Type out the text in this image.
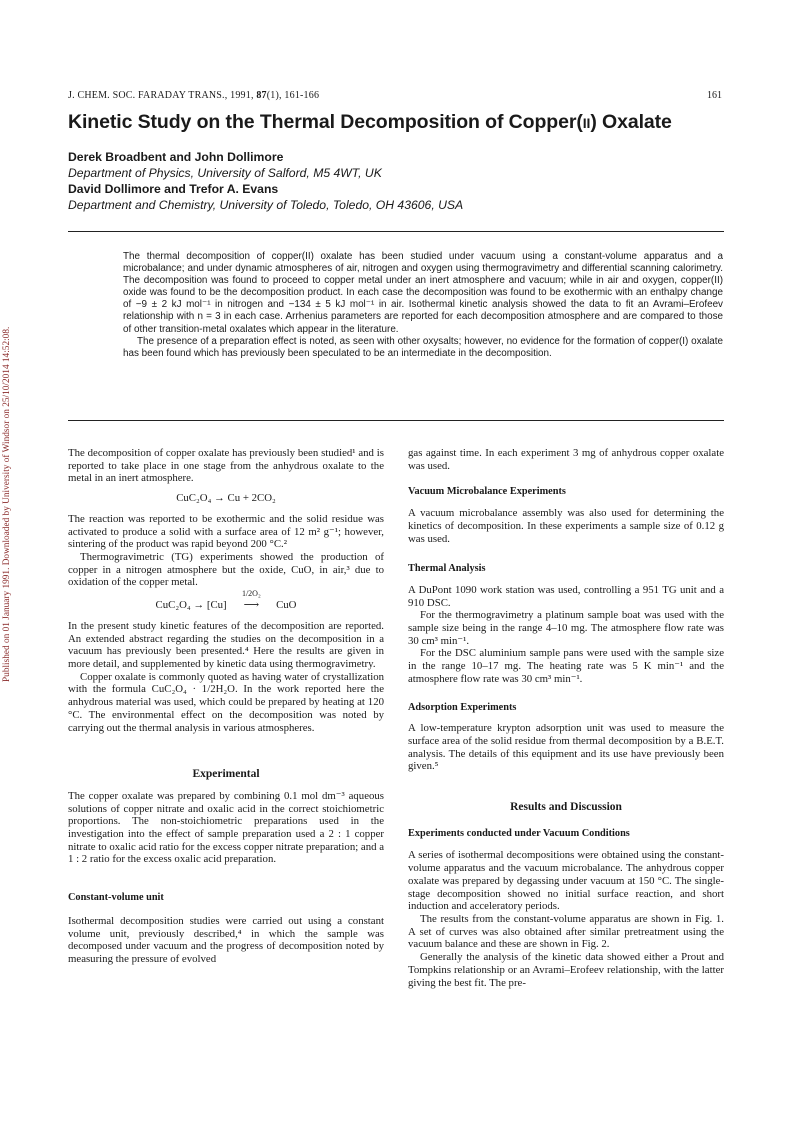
Published on 01 January 1991. Downloaded by University of Windsor on 25/10/2014 14:52:08.
J. CHEM. SOC. FARADAY TRANS., 1991, 87(1), 161-166	161
Kinetic Study on the Thermal Decomposition of Copper(II) Oxalate
Derek Broadbent and John Dollimore
Department of Physics, University of Salford, M5 4WT, UK
David Dollimore and Trefor A. Evans
Department and Chemistry, University of Toledo, Toledo, OH 43606, USA

The thermal decomposition of copper(II) oxalate has been studied under vacuum using a constant-volume apparatus and a microbalance; and under dynamic atmospheres of air, nitrogen and oxygen using thermogravimetry and differential scanning calorimetry. The decomposition was found to proceed to copper metal under an inert atmosphere and vacuum; while in air and oxygen, copper(II) oxide was found to be the decomposition product. In each case the decomposition was found to be exothermic with an enthalpy change of −9 ± 2 kJ mol⁻¹ in nitrogen and −134 ± 5 kJ mol⁻¹ in air. Isothermal kinetic analysis showed the data to fit an Avrami–Erofeev relationship with n = 3 in each case. Arrhenius parameters are reported for each decomposition atmosphere and are compared to those of other transition-metal oxalates which appear in the literature.

The presence of a preparation effect is noted, as seen with other oxysalts; however, no evidence for the formation of copper(I) oxalate has been found which has previously been speculated to be an intermediate in the decomposition.

The decomposition of copper oxalate has previously been studied¹ and is reported to take place in one stage from the anhydrous oxalate to the metal in an inert atmosphere.

CuC₂O₄ → Cu + 2CO₂

The reaction was reported to be exothermic and the solid residue was activated to produce a solid with a surface area of 12 m² g⁻¹; however, sintering of the product was rapid beyond 200 °C.²

Thermogravimetric (TG) experiments showed the production of copper in a nitrogen atmosphere but the oxide, CuO, in air,³ due to oxidation of the copper metal.

CuC₂O₄ → [Cu]
1/2O₂
⟶ CuO

In the present study kinetic features of the decomposition are reported. An extended abstract regarding the studies on the decomposition in a vacuum has previously been presented.⁴ Here the results are given in more detail, and supplemented by kinetic data using thermogravimetry.

Copper oxalate is commonly quoted as having water of crystallization with the formula CuC₂O₄ · 1/2H₂O. In the work reported here the anhydrous material was used, which could be prepared by heating at 120 °C. The environmental effect on the decomposition was noted by carrying out the thermal analysis in various atmospheres.

Experimental

The copper oxalate was prepared by combining 0.1 mol dm⁻³ aqueous solutions of copper nitrate and oxalic acid in the correct stoichiometric proportions. The non-stoichiometric preparations used in the investigation into the effect of sample preparation used a 2 : 1 copper nitrate to oxalic acid ratio for the excess copper nitrate preparation; and a 1 : 2 ratio for the excess oxalic acid preparation.

Constant-volume unit

Isothermal decomposition studies were carried out using a constant volume unit, previously described,⁴ in which the sample was decomposed under vacuum and the progress of decomposition noted by measuring the pressure of evolved

gas against time. In each experiment 3 mg of anhydrous copper oxalate was used.

Vacuum Microbalance Experiments

A vacuum microbalance assembly was also used for determining the kinetics of decomposition. In these experiments a sample size of 0.12 g was used.

Thermal Analysis

A DuPont 1090 work station was used, controlling a 951 TG unit and a 910 DSC.

For the thermogravimetry a platinum sample boat was used with the sample size being in the range 4–10 mg. The atmosphere flow rate was 30 cm³ min⁻¹.

For the DSC aluminium sample pans were used with the sample size in the range 10–17 mg. The heating rate was 5 K min⁻¹ and the atmosphere flow rate was 30 cm³ min⁻¹.

Adsorption Experiments

A low-temperature krypton adsorption unit was used to measure the surface area of the solid residue from thermal decomposition by a B.E.T. analysis. The details of this equipment and its use have previously been given.⁵

Results and Discussion
Experiments conducted under Vacuum Conditions

A series of isothermal decompositions were obtained using the constant-volume apparatus and the vacuum microbalance. The anhydrous copper oxalate was prepared by degassing under vacuum at 150 °C. The single-stage decomposition showed no initial surface reaction, and short induction and acceleratory periods.

The results from the constant-volume apparatus are shown in Fig. 1. A set of curves was also obtained after similar pretreatment using the vacuum balance and these are shown in Fig. 2.

Generally the analysis of the kinetic data showed either a Prout and Tompkins relationship or an Avrami–Erofeev relationship, with the latter giving the best fit. The pre-
